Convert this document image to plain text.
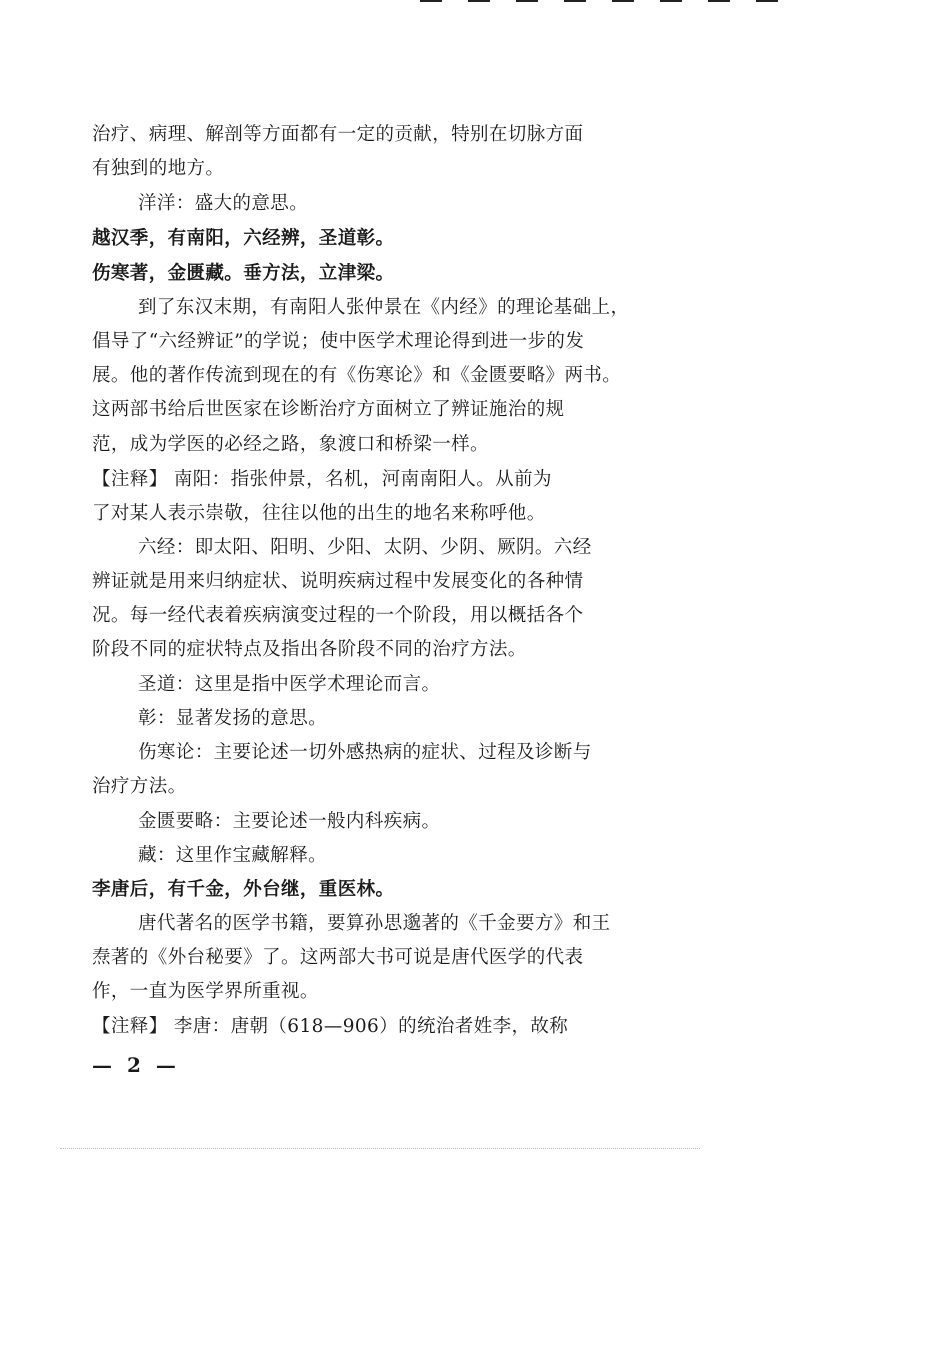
治疗、病理、解剖等方面都有一定的贡献，特别在切脉方面
有独到的地方。
洋洋：盛大的意思。
越汉季，有南阳，六经辨，圣道彰。
伤寒著，金匮藏。垂方法，立津梁。
到了东汉末期，有南阳人张仲景在《内经》的理论基础上，
倡导了“六经辨证”的学说；使中医学术理论得到进一步的发
展。他的著作传流到现在的有《伤寒论》和《金匮要略》两书。
这两部书给后世医家在诊断治疗方面树立了辨证施治的规
范，成为学医的必经之路，象渡口和桥梁一样。
【注释】 南阳：指张仲景，名机，河南南阳人。从前为
了对某人表示崇敬，往往以他的出生的地名来称呼他。
六经：即太阳、阳明、少阳、太阴、少阴、厥阴。六经
辨证就是用来归纳症状、说明疾病过程中发展变化的各种情
况。每一经代表着疾病演变过程的一个阶段，用以概括各个
阶段不同的症状特点及指出各阶段不同的治疗方法。
圣道：这里是指中医学术理论而言。
彰：显著发扬的意思。
伤寒论：主要论述一切外感热病的症状、过程及诊断与
治疗方法。
金匮要略：主要论述一般内科疾病。
藏：这里作宝藏解释。
李唐后，有千金，外台继，重医林。
唐代著名的医学书籍，要算孙思邈著的《千金要方》和王
焘著的《外台秘要》了。这两部大书可说是唐代医学的代表
作，一直为医学界所重视。
【注释】 李唐：唐朝（618—906）的统治者姓李，故称
— 2 —
